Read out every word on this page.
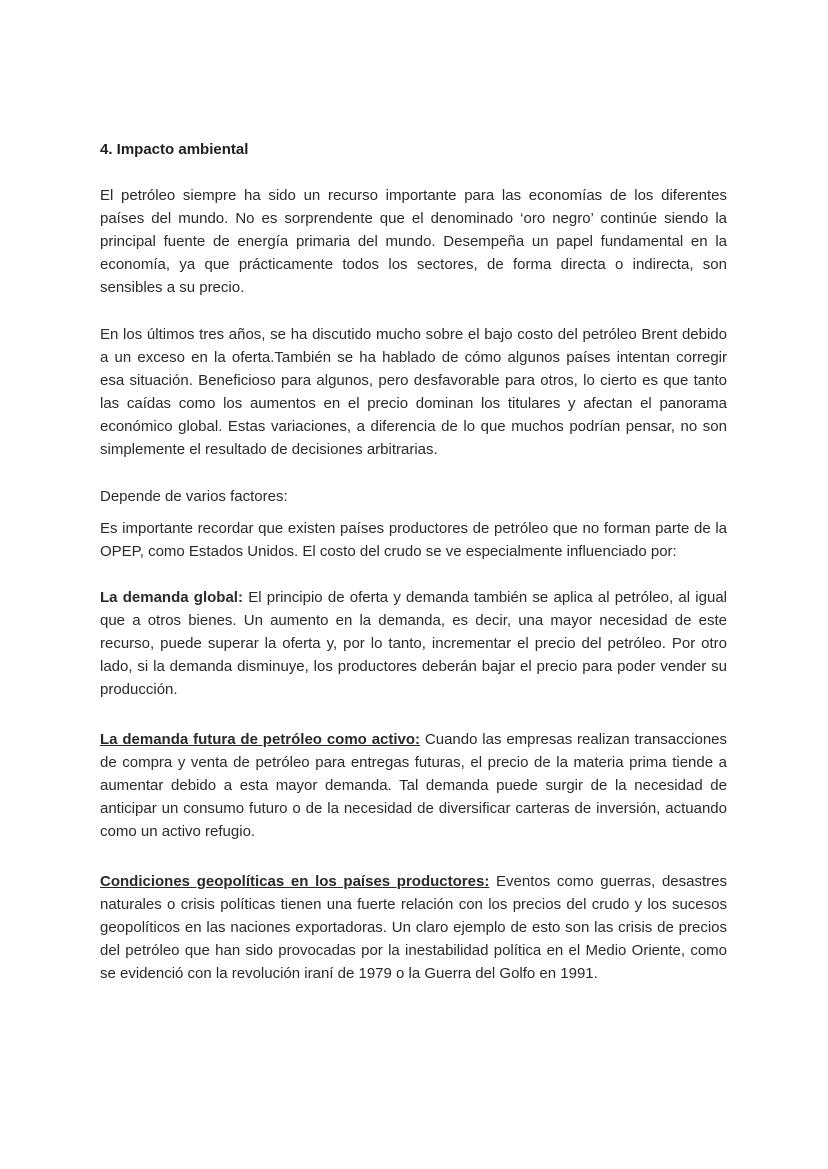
4. Impacto ambiental

El petróleo siempre ha sido un recurso importante para las economías de los diferentes países del mundo. No es sorprendente que el denominado ‘oro negro’ continúe siendo la principal fuente de energía primaria del mundo. Desempeña un papel fundamental en la economía, ya que prácticamente todos los sectores, de forma directa o indirecta, son sensibles a su precio.

En los últimos tres años, se ha discutido mucho sobre el bajo costo del petróleo Brent debido a un exceso en la oferta.También se ha hablado de cómo algunos países intentan corregir esa situación. Beneficioso para algunos, pero desfavorable para otros, lo cierto es que tanto las caídas como los aumentos en el precio dominan los titulares y afectan el panorama económico global. Estas variaciones, a diferencia de lo que muchos podrían pensar, no son simplemente el resultado de decisiones arbitrarias.

Depende de varios factores:

Es importante recordar que existen países productores de petróleo que no forman parte de la OPEP, como Estados Unidos. El costo del crudo se ve especialmente influenciado por:

La demanda global: El principio de oferta y demanda también se aplica al petróleo, al igual que a otros bienes. Un aumento en la demanda, es decir, una mayor necesidad de este recurso, puede superar la oferta y, por lo tanto, incrementar el precio del petróleo. Por otro lado, si la demanda disminuye, los productores deberán bajar el precio para poder vender su producción.

La demanda futura de petróleo como activo: Cuando las empresas realizan transacciones de compra y venta de petróleo para entregas futuras, el precio de la materia prima tiende a aumentar debido a esta mayor demanda. Tal demanda puede surgir de la necesidad de anticipar un consumo futuro o de la necesidad de diversificar carteras de inversión, actuando como un activo refugio.

Condiciones geopolíticas en los países productores: Eventos como guerras, desastres naturales o crisis políticas tienen una fuerte relación con los precios del crudo y los sucesos geopolíticos en las naciones exportadoras. Un claro ejemplo de esto son las crisis de precios del petróleo que han sido provocadas por la inestabilidad política en el Medio Oriente, como se evidenció con la revolución iraní de 1979 o la Guerra del Golfo en 1991.
